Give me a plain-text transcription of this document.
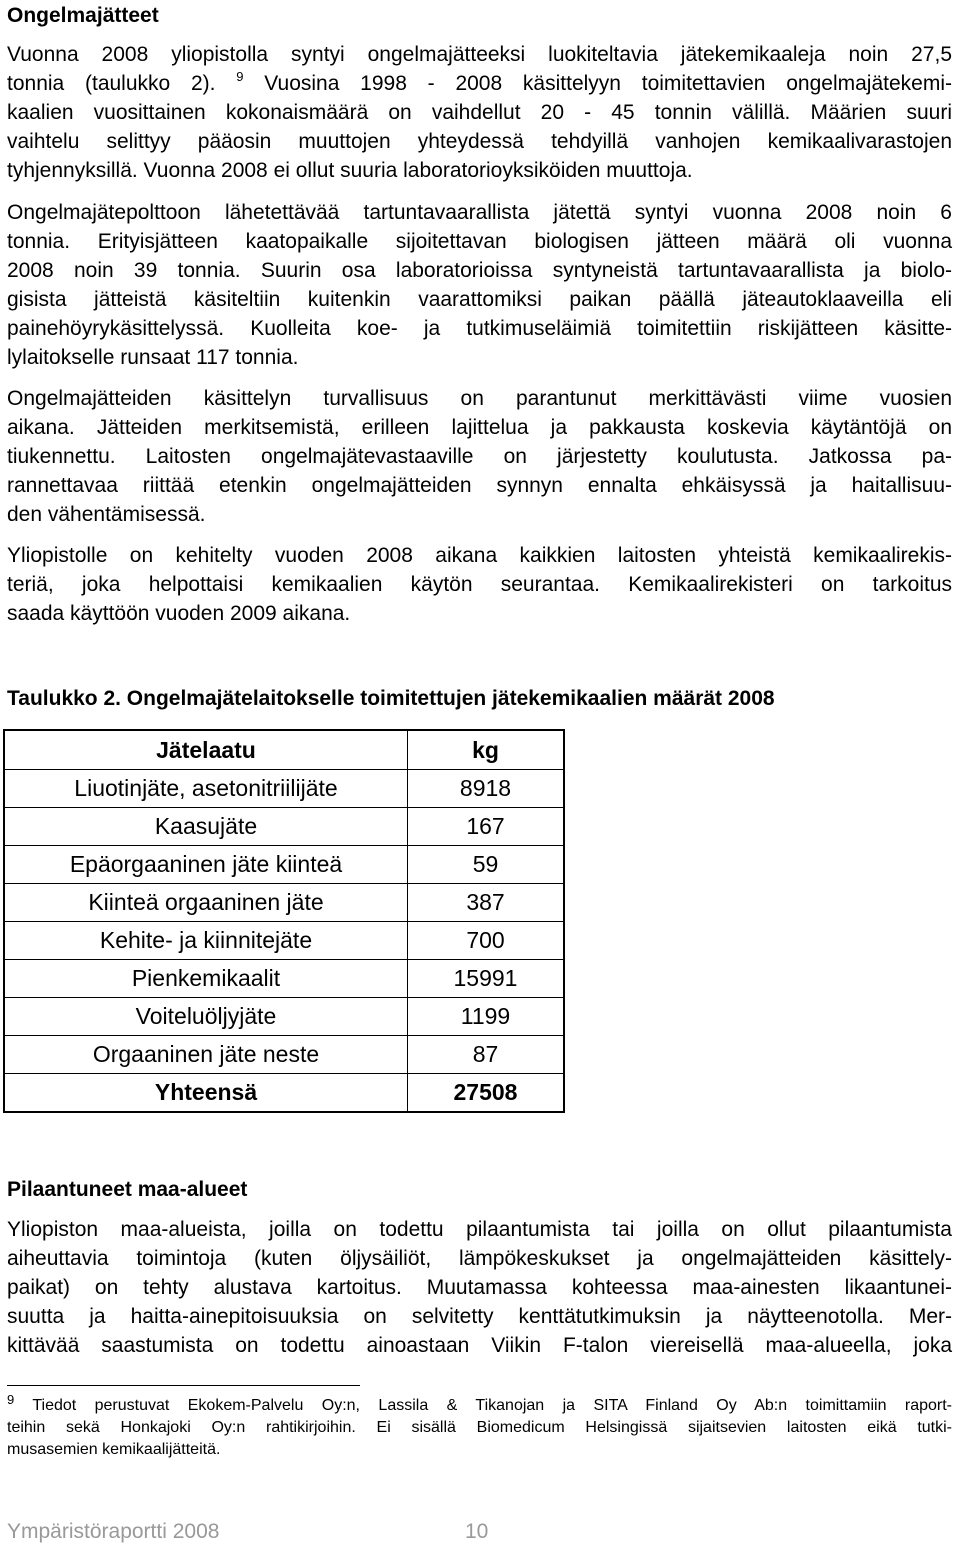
Ongelmajätteet

Vuonna 2008 yliopistolla syntyi ongelmajätteeksi luokiteltavia jätekemikaaleja noin 27,5
tonnia (taulukko 2). $^9$ Vuosina 1998 - 2008 käsittelyyn toimitettavien ongelmajätekemi-
kaalien vuosittainen kokonaismäärä on vaihdellut 20 - 45 tonnin välillä. Määrien suuri
vaihtelu selittyy pääosin muuttojen yhteydessä tehdyillä vanhojen kemikaalivarastojen
tyhjennyksillä. Vuonna 2008 ei ollut suuria laboratorioyksiköiden muuttoja.

Ongelmajätepolttoon lähetettävää tartuntavaarallista jätettä syntyi vuonna 2008 noin 6
tonnia. Erityisjätteen kaatopaikalle sijoitettavan biologisen jätteen määrä oli vuonna
2008 noin 39 tonnia. Suurin osa laboratorioissa syntyneistä tartuntavaarallista ja biolo-
gisista jätteistä käsiteltiin kuitenkin vaarattomiksi paikan päällä jäteautoklaaveilla eli
painehöyrykäsittelyssä. Kuolleita koe- ja tutkimuseläimiä toimitettiin riskijätteen käsitte-
lylaitokselle runsaat 117 tonnia.

Ongelmajätteiden käsittelyn turvallisuus on parantunut merkittävästi viime vuosien
aikana. Jätteiden merkitsemistä, erilleen lajittelua ja pakkausta koskevia käytäntöjä on
tiukennettu. Laitosten ongelmajätevastaaville on järjestetty koulutusta. Jatkossa pa-
rannettavaa riittää etenkin ongelmajätteiden synnyn ennalta ehkäisyssä ja haitallisuu-
den vähentämisessä.

Yliopistolle on kehitelty vuoden 2008 aikana kaikkien laitosten yhteistä kemikaalirekis-
teriä, joka helpottaisi kemikaalien käytön seurantaa. Kemikaalirekisteri on tarkoitus
saada käyttöön vuoden 2009 aikana.

Taulukko 2. Ongelmajätelaitokselle toimitettujen jätekemikaalien määrät 2008
Jätelaatu	kg
Liuotinjäte, asetonitriilijäte	8918
Kaasujäte	167
Epäorgaaninen jäte kiinteä	59
Kiinteä orgaaninen jäte	387
Kehite- ja kiinnitejäte	700
Pienkemikaalit	15991
Voiteluöljyjäte	1199
Orgaaninen jäte neste	87
Yhteensä	27508
Pilaantuneet maa-alueet

Yliopiston maa-alueista, joilla on todettu pilaantumista tai joilla on ollut pilaantumista
aiheuttavia toimintoja (kuten öljysäiliöt, lämpökeskukset ja ongelmajätteiden käsittely-
paikat) on tehty alustava kartoitus. Muutamassa kohteessa maa-ainesten likaantunei-
suutta ja haitta-ainepitoisuuksia on selvitetty kenttätutkimuksin ja näytteenotolla. Mer-
kittävää saastumista on todettu ainoastaan Viikin F-talon viereisellä maa-alueella, joka

$^9$ Tiedot perustuvat Ekokem-Palvelu Oy:n, Lassila & Tikanojan ja SITA Finland Oy Ab:n toimittamiin raport-
teihin sekä Honkajoki Oy:n rahtikirjoihin. Ei sisällä Biomedicum Helsingissä sijaitsevien laitosten eikä tutki-
musasemien kemikaalijätteitä.
Ympäristöraportti 2008	10
